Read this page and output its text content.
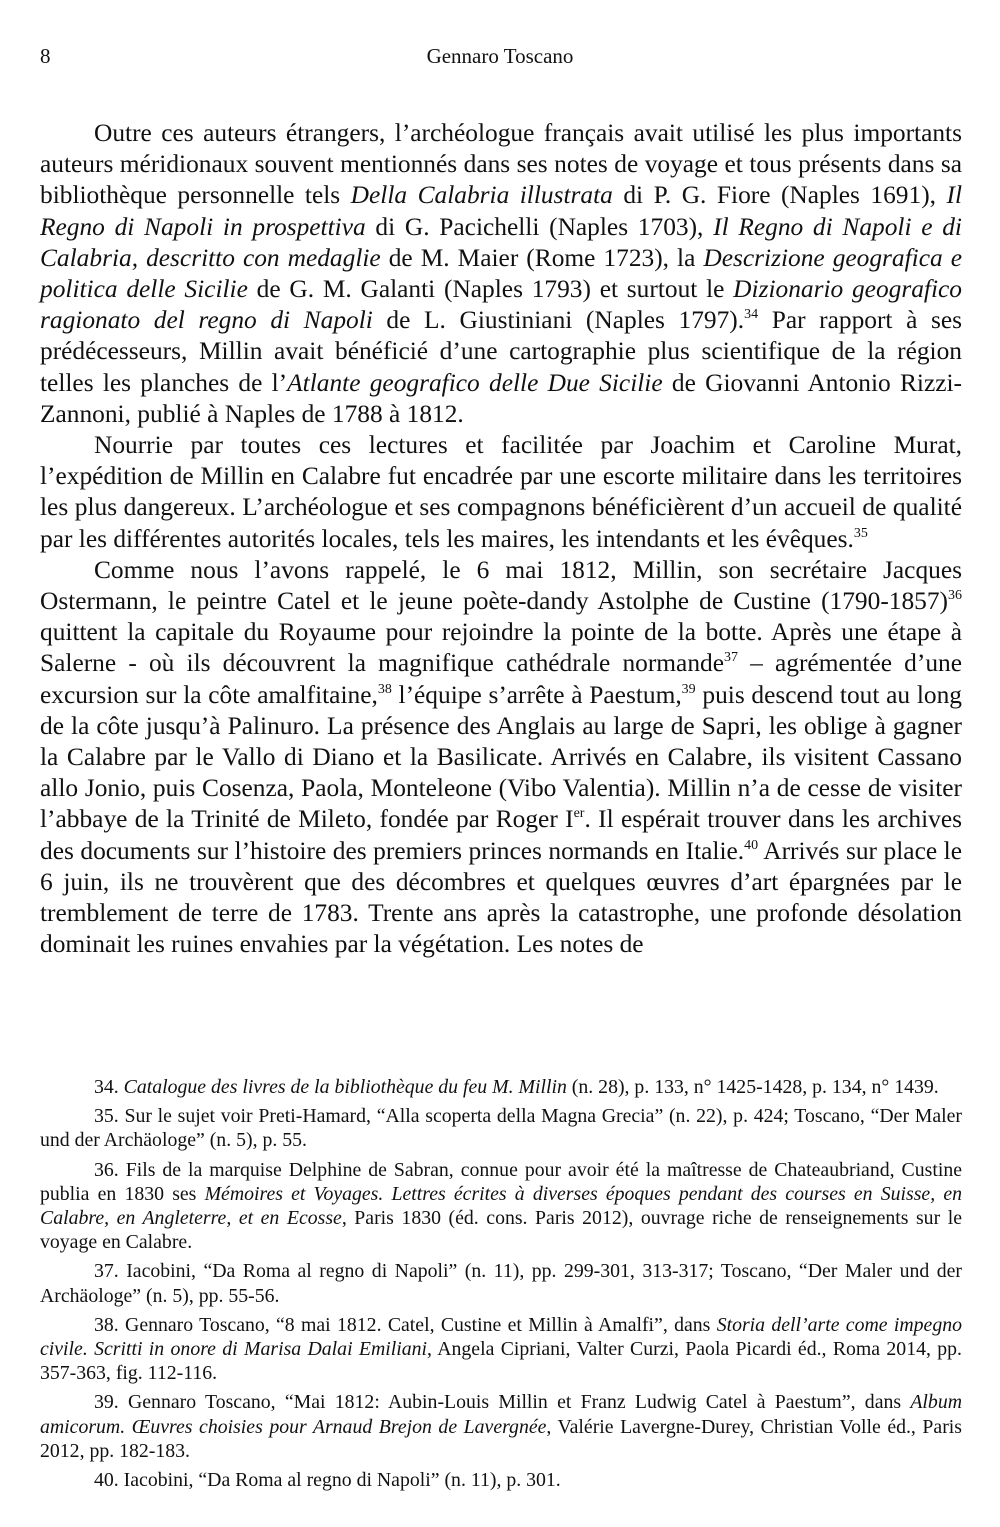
8	Gennaro Toscano

Outre ces auteurs étrangers, l’archéologue français avait utilisé les plus importants auteurs méridionaux souvent mentionnés dans ses notes de voyage et tous présents dans sa bibliothèque personnelle tels Della Calabria illustrata di P. G. Fiore (Naples 1691), Il Regno di Napoli in prospettiva di G. Pacichelli (Naples 1703), Il Regno di Napoli e di Calabria, descritto con medaglie de M. Maier (Rome 1723), la Descrizione geografica e politica delle Sicilie de G. M. Galanti (Naples 1793) et surtout le Dizionario geografico ragionato del regno di Napoli de L. Giustiniani (Naples 1797).$^{34}$ Par rapport à ses prédécesseurs, Millin avait bénéficié d’une cartographie plus scientifique de la région telles les planches de l’Atlante geografico delle Due Sicilie de Giovanni Antonio Rizzi-Zannoni, publié à Naples de 1788 à 1812.

Nourrie par toutes ces lectures et facilitée par Joachim et Caroline Murat, l’expédition de Millin en Calabre fut encadrée par une escorte militaire dans les territoires les plus dangereux. L’archéologue et ses compagnons bénéficièrent d’un accueil de qualité par les différentes autorités locales, tels les maires, les intendants et les évêques.$^{35}$

Comme nous l’avons rappelé, le 6 mai 1812, Millin, son secrétaire Jacques Ostermann, le peintre Catel et le jeune poète-dandy Astolphe de Custine (1790-1857)$^{36}$ quittent la capitale du Royaume pour rejoindre la pointe de la botte. Après une étape à Salerne - où ils découvrent la magnifique cathédrale normande$^{37}$ – agrémentée d’une excursion sur la côte amalfitaine,$^{38}$ l’équipe s’arrête à Paestum,$^{39}$ puis descend tout au long de la côte jusqu’à Palinuro. La présence des Anglais au large de Sapri, les oblige à gagner la Calabre par le Vallo di Diano et la Basilicate. Arrivés en Calabre, ils visitent Cassano allo Jonio, puis Cosenza, Paola, Monteleone (Vibo Valentia). Millin n’a de cesse de visiter l’abbaye de la Trinité de Mileto, fondée par Roger Ier. Il espérait trouver dans les archives des documents sur l’histoire des premiers princes normands en Italie.$^{40}$ Arrivés sur place le 6 juin, ils ne trouvèrent que des décombres et quelques œuvres d’art épargnées par le tremblement de terre de 1783. Trente ans après la catastrophe, une profonde désolation dominait les ruines envahies par la végétation. Les notes de

34. Catalogue des livres de la bibliothèque du feu M. Millin (n. 28), p. 133, n° 1425-1428, p. 134, n° 1439.

35. Sur le sujet voir Preti-Hamard, “Alla scoperta della Magna Grecia” (n. 22), p. 424; Toscano, “Der Maler und der Archäologe” (n. 5), p. 55.

36. Fils de la marquise Delphine de Sabran, connue pour avoir été la maîtresse de Chateaubriand, Custine publia en 1830 ses Mémoires et Voyages. Lettres écrites à diverses époques pendant des courses en Suisse, en Calabre, en Angleterre, et en Ecosse, Paris 1830 (éd. cons. Paris 2012), ouvrage riche de renseignements sur le voyage en Calabre.

37. Iacobini, “Da Roma al regno di Napoli” (n. 11), pp. 299-301, 313-317; Toscano, “Der Maler und der Archäologe” (n. 5), pp. 55-56.

38. Gennaro Toscano, “8 mai 1812. Catel, Custine et Millin à Amalfi”, dans Storia dell’arte come impegno civile. Scritti in onore di Marisa Dalai Emiliani, Angela Cipriani, Valter Curzi, Paola Picardi éd., Roma 2014, pp. 357-363, fig. 112-116.

39. Gennaro Toscano, “Mai 1812: Aubin-Louis Millin et Franz Ludwig Catel à Paestum”, dans Album amicorum. Œuvres choisies pour Arnaud Brejon de Lavergnée, Valérie Lavergne-Durey, Christian Volle éd., Paris 2012, pp. 182-183.

40. Iacobini, “Da Roma al regno di Napoli” (n. 11), p. 301.
